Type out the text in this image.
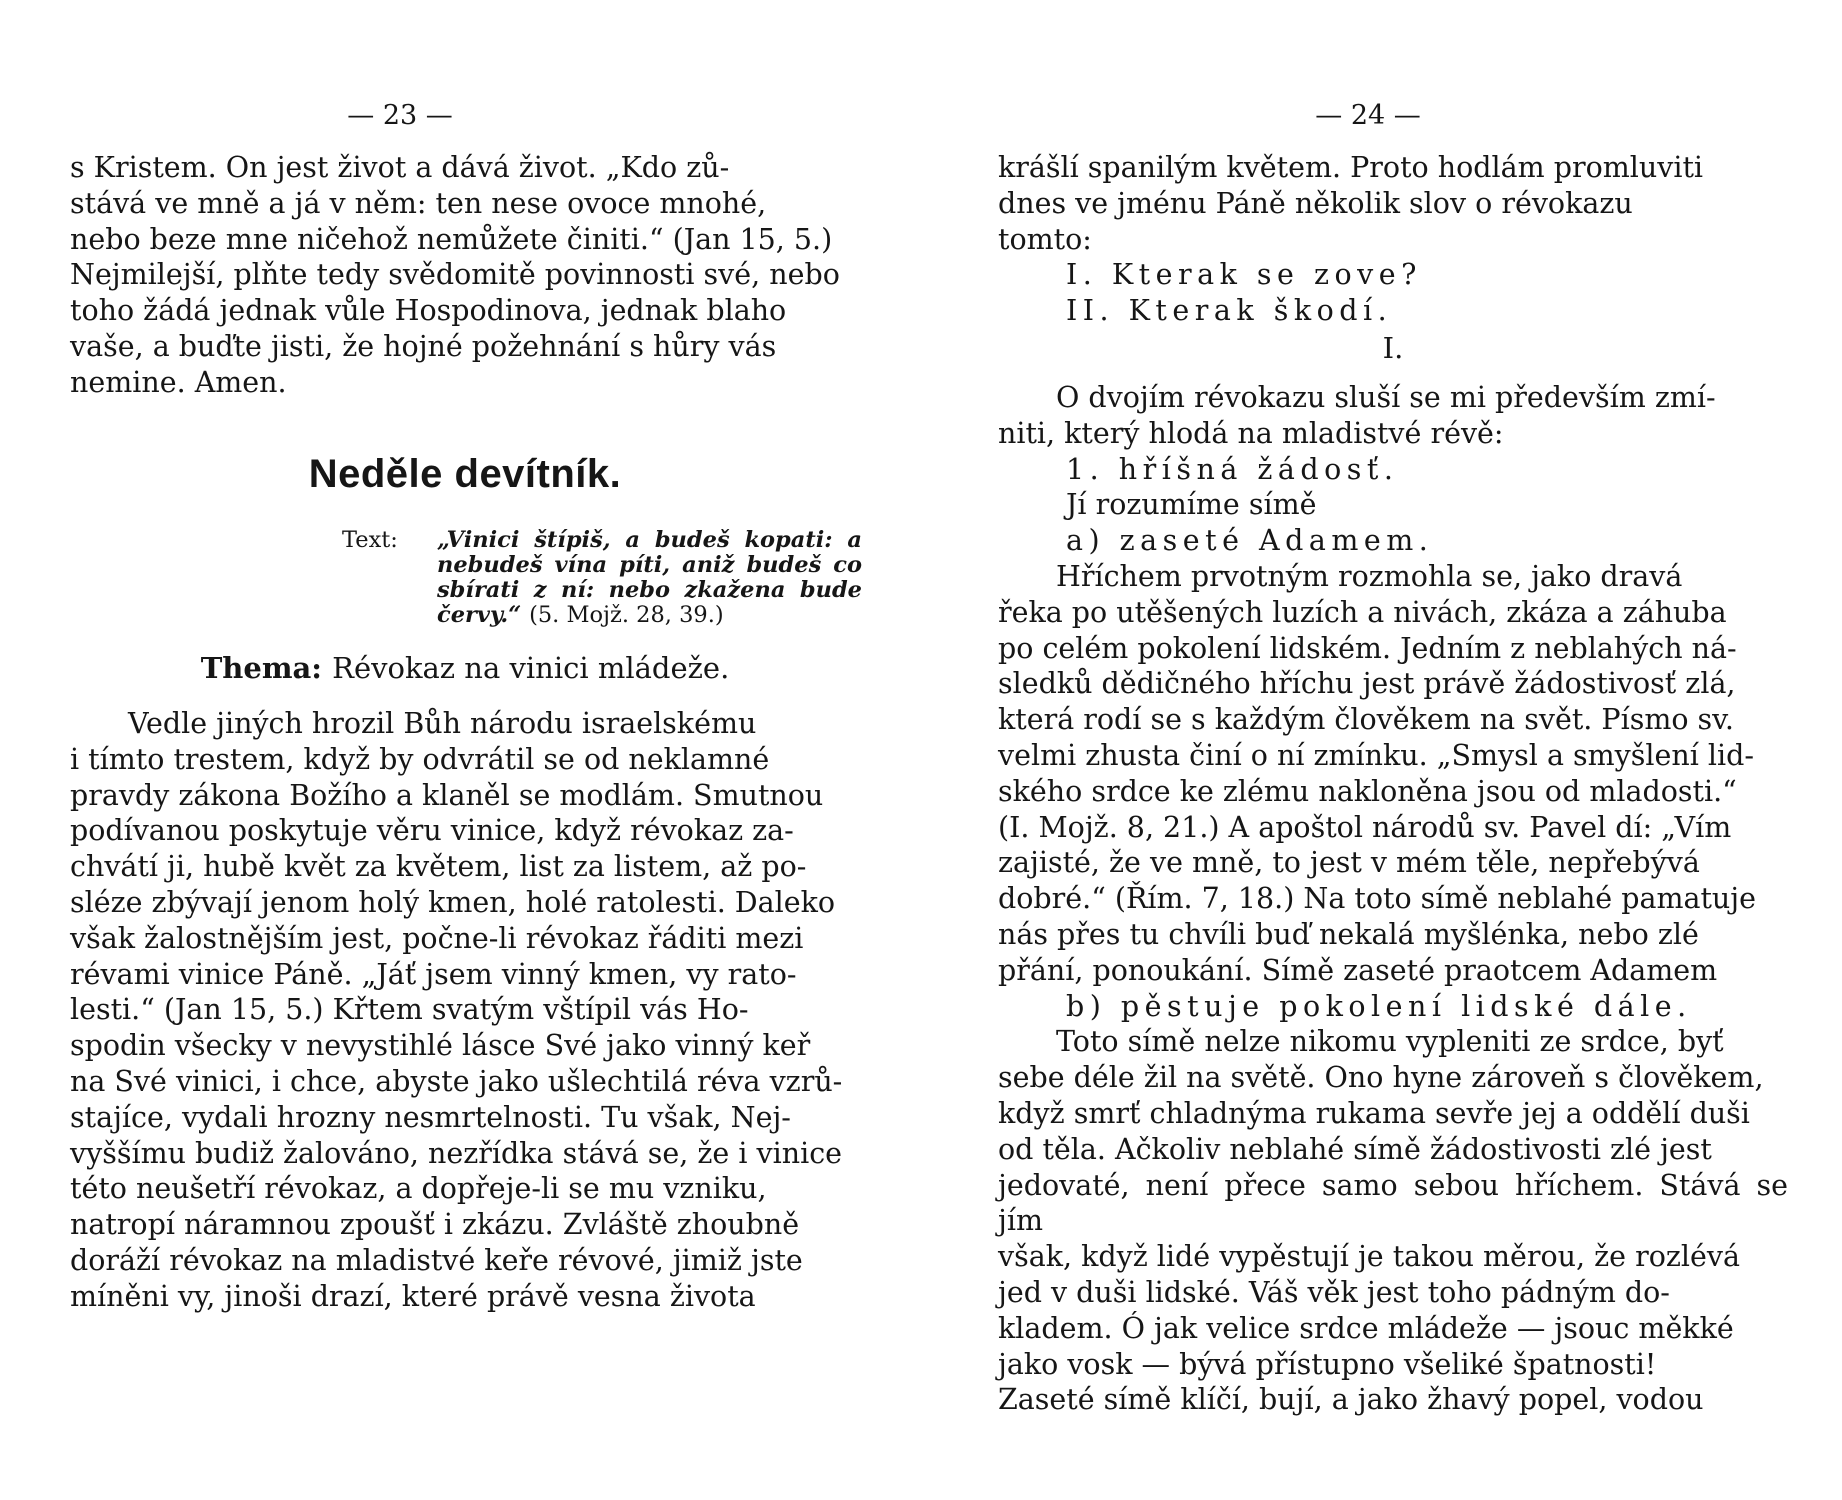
— 23 —

s Kristem. On jest život a dává život. „Kdo zů-

stává ve mně a já v něm: ten nese ovoce mnohé,

nebo beze mne ničehož nemůžete činiti.“ (Jan 15, 5.)

Nejmilejší, plňte tedy svědomitě povinnosti své, nebo

toho žádá jednak vůle Hospodinova, jednak blaho

vaše, a buďte jisti, že hojné požehnání s hůry vás

nemine. Amen.

Neděle devítník.
Text: „Vinici štípiš, a budeš kopati: a nebudeš vína píti, aniž budeš co sbírati z ní: nebo zkažena bude červy.“ (5. Mojž. 28, 39.)
Thema: Révokaz na vinici mládeže.

Vedle jiných hrozil Bůh národu israelskému

i tímto trestem, když by odvrátil se od neklamné

pravdy zákona Božího a klaněl se modlám. Smutnou

podívanou poskytuje věru vinice, když révokaz za-

chvátí ji, hubě květ za květem, list za listem, až po-

sléze zbývají jenom holý kmen, holé ratolesti. Daleko

však žalostnějším jest, počne-li révokaz řáditi mezi

révami vinice Páně. „Jáť jsem vinný kmen, vy rato-

lesti.“ (Jan 15, 5.) Křtem svatým vštípil vás Ho-

spodin všecky v nevystihlé lásce Své jako vinný keř

na Své vinici, i chce, abyste jako ušlechtilá réva vzrů-

stajíce, vydali hrozny nesmrtelnosti. Tu však, Nej-

vyššímu budiž žalováno, nezřídka stává se, že i vinice

této neušetří révokaz, a dopřeje-li se mu vzniku,

natropí náramnou zpoušť i zkázu. Zvláště zhoubně

doráží révokaz na mladistvé keře révové, jimiž jste

míněni vy, jinoši drazí, které právě vesna života

— 24 —

krášlí spanilým květem. Proto hodlám promluviti

dnes ve jménu Páně několik slov o révokazu

tomto:

I. Kterak se zove?

II. Kterak škodí.

I.

O dvojím révokazu sluší se mi především zmí-

niti, který hlodá na mladistvé révě:

1. hříšná žádosť.

Jí rozumíme símě

a) zaseté Adamem.

Hříchem prvotným rozmohla se, jako dravá

řeka po utěšených luzích a nivách, zkáza a záhuba

po celém pokolení lidském. Jedním z neblahých ná-

sledků dědičného hříchu jest právě žádostivosť zlá,

která rodí se s každým člověkem na svět. Písmo sv.

velmi zhusta činí o ní zmínku. „Smysl a smyšlení lid-

ského srdce ke zlému nakloněna jsou od mladosti.“

(I. Mojž. 8, 21.) A apoštol národů sv. Pavel dí: „Vím

zajisté, že ve mně, to jest v mém těle, nepřebývá

dobré.“ (Řím. 7, 18.) Na toto símě neblahé pamatuje

nás přes tu chvíli buď nekalá myšlénka, nebo zlé

přání, ponoukání. Símě zaseté praotcem Adamem

b) pěstuje pokolení lidské dále.

Toto símě nelze nikomu vypleniti ze srdce, byť

sebe déle žil na světě. Ono hyne zároveň s člověkem,

když smrť chladnýma rukama sevře jej a oddělí duši

od těla. Ačkoliv neblahé símě žádostivosti zlé jest

jedovaté, není přece samo sebou hříchem. Stává se jím

však, když lidé vypěstují je takou měrou, že rozlévá

jed v duši lidské. Váš věk jest toho pádným do-

kladem. Ó jak velice srdce mládeže — jsouc měkké

jako vosk — bývá přístupno všeliké špatnosti!

Zaseté símě klíčí, bují, a jako žhavý popel, vodou
